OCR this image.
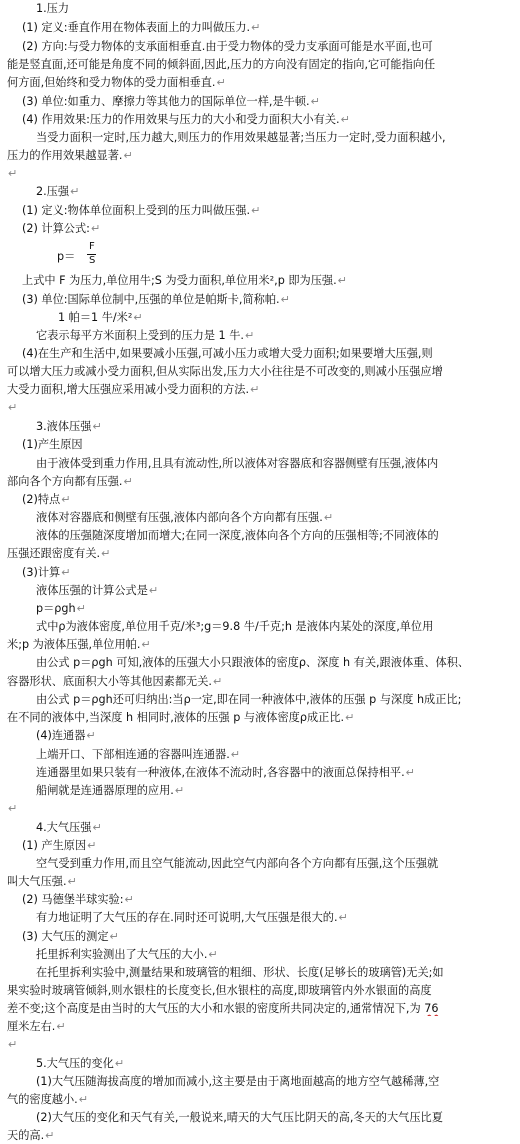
1.压力
(1) 定义:垂直作用在物体表面上的力叫做压力.↵
(2) 方向:与受力物体的支承面相垂直.由于受力物体的受力支承面可能是水平面,也可
能是竖直面,还可能是角度不同的倾斜面,因此,压力的方向没有固定的指向,它可能指向任
何方面,但始终和受力物体的受力面相垂直.↵
(3) 单位:如重力、摩擦力等其他力的国际单位一样,是牛顿.↵
(4) 作用效果:压力的作用效果与压力的大小和受力面积大小有关.↵
当受力面积一定时,压力越大,则压力的作用效果越显著;当压力一定时,受力面积越小,
压力的作用效果越显著.↵
↵
2.压强↵
(1) 定义:物体单位面积上受到的压力叫做压强.↵
(2) 计算公式:↵
p＝
F
S
上式中 F 为压力,单位用牛;S 为受力面积,单位用米²,p 即为压强.↵
(3) 单位:国际单位制中,压强的单位是帕斯卡,简称帕.↵
1 帕＝1 牛/米²↵
它表示每平方米面积上受到的压力是 1 牛.↵
(4)在生产和生活中,如果要减小压强,可减小压力或增大受力面积;如果要增大压强,则
可以增大压力或减小受力面积,但从实际出发,压力大小往往是不可改变的,则减小压强应增
大受力面积,增大压强应采用减小受力面积的方法.↵
↵
3.液体压强↵
(1)产生原因
由于液体受到重力作用,且具有流动性,所以液体对容器底和容器侧壁有压强,液体内
部向各个方向都有压强.↵
(2)特点↵
液体对容器底和侧壁有压强,液体内部向各个方向都有压强.↵
液体的压强随深度增加而增大;在同一深度,液体向各个方向的压强相等;不同液体的
压强还跟密度有关.↵
(3)计算↵
液体压强的计算公式是↵
p＝ρgh↵
式中ρ为液体密度,单位用千克/米³;g＝9.8 牛/千克;h 是液体内某处的深度,单位用
米;p 为液体压强,单位用帕.↵
由公式 p＝ρgh 可知,液体的压强大小只跟液体的密度ρ、深度 h 有关,跟液体重、体积、
容器形状、底面积大小等其他因素都无关.↵
由公式 p＝ρgh还可归纳出:当ρ一定,即在同一种液体中,液体的压强 p 与深度 h成正比;
在不同的液体中,当深度 h 相同时,液体的压强 p 与液体密度ρ成正比.↵
(4)连通器↵
上端开口、下部相连通的容器叫连通器.↵
连通器里如果只装有一种液体,在液体不流动时,各容器中的液面总保持相平.↵
船闸就是连通器原理的应用.↵
↵
4.大气压强↵
(1) 产生原因↵
空气受到重力作用,而且空气能流动,因此空气内部向各个方向都有压强,这个压强就
叫大气压强.↵
(2) 马德堡半球实验:↵
有力地证明了大气压的存在.同时还可说明,大气压强是很大的.↵
(3) 大气压的测定↵
托里拆利实验测出了大气压的大小.↵
在托里拆利实验中,测量结果和玻璃管的粗细、形状、长度(足够长的玻璃管)无关;如
果实验时玻璃管倾斜,则水银柱的长度变长,但水银柱的高度,即玻璃管内外水银面的高度
差不变;这个高度是由当时的大气压的大小和水银的密度所共同决定的,通常情况下,为 76
厘米左右.↵
↵
5.大气压的变化↵
(1)大气压随海拔高度的增加而减小,这主要是由于离地面越高的地方空气越稀薄,空
气的密度越小.↵
(2)大气压的变化和天气有关,一般说来,晴天的大气压比阴天的高,冬天的大气压比夏
天的高.↵
